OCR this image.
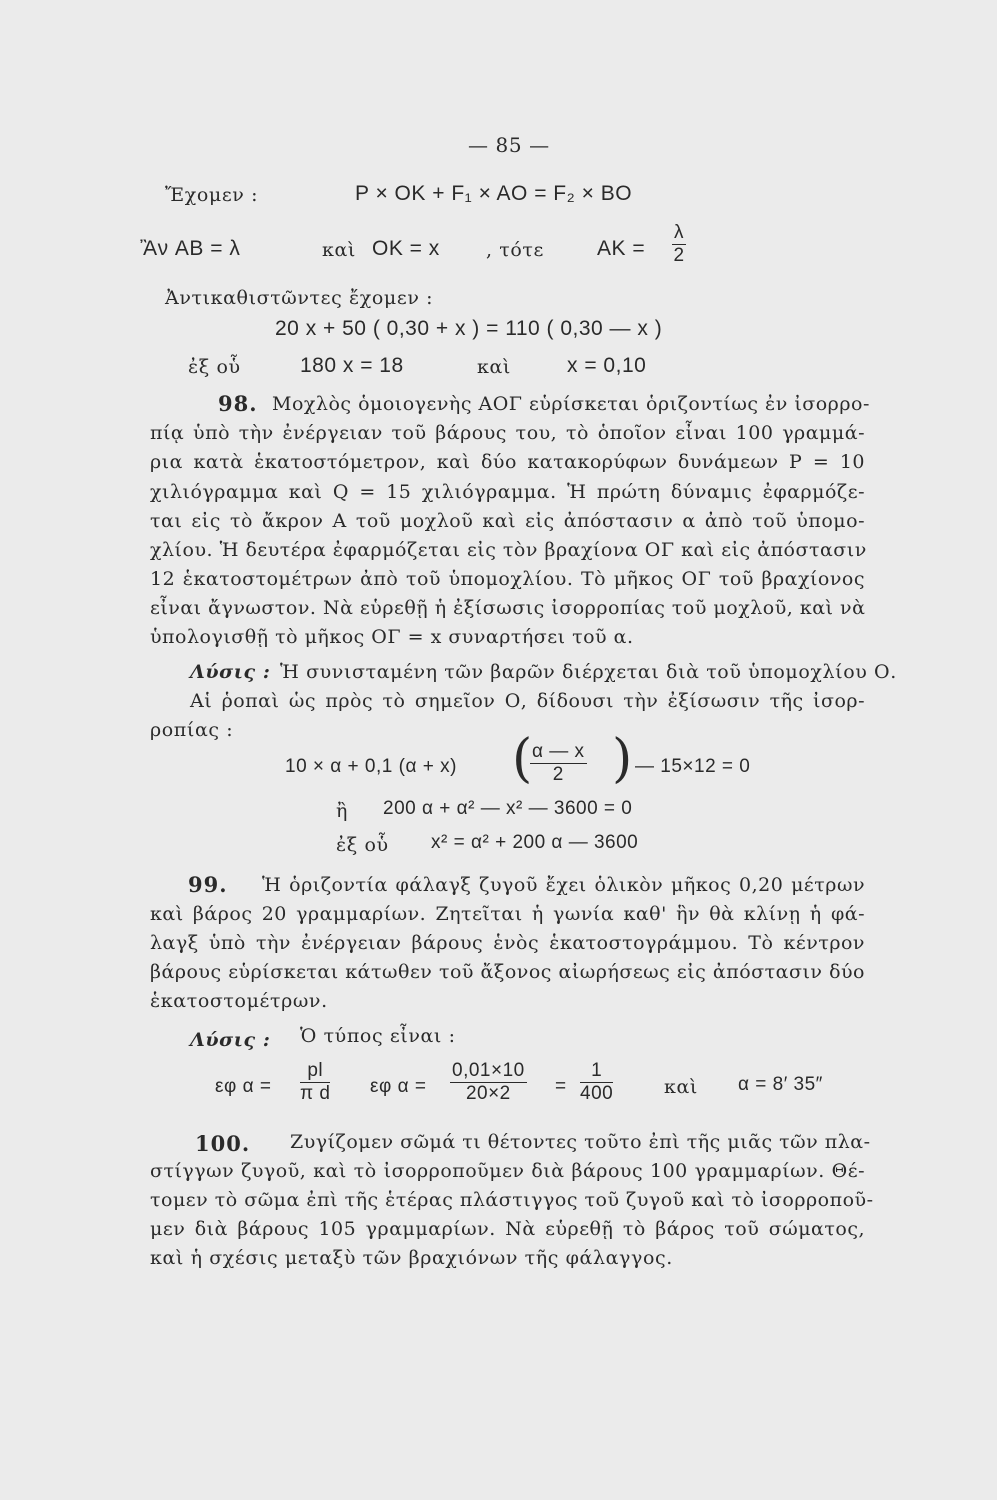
— 85 —
Ἔχομεν :	P × OK + F₁ × AO = F₂ × BO
Ἂν AB = λ	καὶ OK = x , τότε	AK = $\frac{\lambda}{2}$
Ἀντικαθιστῶντες ἔχομεν :
20 x + 50 ( 0,30 + x ) = 110 ( 0,30 — x )
ἐξ οὗ	180 x = 18	καὶ	x = 0,10
98. Μοχλὸς ὁμοιογενὴς ΑΟΓ εὑρίσκεται ὁριζοντίως ἐν ἰσορρο-
πίᾳ ὑπὸ τὴν ἐνέργειαν τοῦ βάρους του, τὸ ὁποῖον εἶναι 100 γραμμά-
ρια κατὰ ἑκατοστόμετρον, καὶ δύο κατακορύφων δυνάμεων P = 10
χιλιόγραμμα καὶ Q = 15 χιλιόγραμμα. Ἡ πρώτη δύναμις ἐφαρμόζε-
ται εἰς τὸ ἄκρον Α τοῦ μοχλοῦ καὶ εἰς ἀπόστασιν α ἀπὸ τοῦ ὑπομο-
χλίου. Ἡ δευτέρα ἐφαρμόζεται εἰς τὸν βραχίονα ΟΓ καὶ εἰς ἀπόστασιν
12 ἑκατοστομέτρων ἀπὸ τοῦ ὑπομοχλίου. Τὸ μῆκος ΟΓ τοῦ βραχίονος
εἶναι ἄγνωστον. Νὰ εὑρεθῇ ἡ ἐξίσωσις ἰσορροπίας τοῦ μοχλοῦ, καὶ νὰ
ὑπολογισθῇ τὸ μῆκος ΟΓ = x συναρτήσει τοῦ α.
Λύσις : Ἡ συνισταμένη τῶν βαρῶν διέρχεται διὰ τοῦ ὑπομοχλίου Ο.
Αἱ ῥοπαὶ ὡς πρὸς τὸ σημεῖον Ο, δίδουσι τὴν ἐξίσωσιν τῆς ἰσορ-
ροπίας :
10 × α + 0,1 (α + x) (
$\frac{\alpha — x}{2}$ ) — 15×12 = 0
ἢ 200 α + α² — x² — 3600 = 0
ἐξ οὗ x² = α² + 200 α — 3600
99. Ἡ ὁριζοντία φάλαγξ ζυγοῦ ἔχει ὁλικὸν μῆκος 0,20 μέτρων
καὶ βάρος 20 γραμμαρίων. Ζητεῖται ἡ γωνία καθ' ἣν θὰ κλίνῃ ἡ φά-
λαγξ ὑπὸ τὴν ἐνέργειαν βάρους ἑνὸς ἑκατοστογράμμου. Τὸ κέντρον
βάρους εὑρίσκεται κάτωθεν τοῦ ἄξονος αἰωρήσεως εἰς ἀπόστασιν δύο
ἑκατοστομέτρων.
Λύσις : Ὁ τύπος εἶναι :
εφ $\alpha = \frac{pl}{\text{π d}}$ εφ $\alpha = \frac{0,01\times 10}{20\times 2} = \frac{1}{400}$	καὶ α = 8′ 35″
100. Ζυγίζομεν σῶμά τι θέτοντες τοῦτο ἐπὶ τῆς μιᾶς τῶν πλα-
στίγγων ζυγοῦ, καὶ τὸ ἰσορροποῦμεν διὰ βάρους 100 γραμμαρίων. Θέ-
τομεν τὸ σῶμα ἐπὶ τῆς ἑτέρας πλάστιγγος τοῦ ζυγοῦ καὶ τὸ ἰσορροποῦ-
μεν διὰ βάρους 105 γραμμαρίων. Νὰ εὑρεθῇ τὸ βάρος τοῦ σώματος,
καὶ ἡ σχέσις μεταξὺ τῶν βραχιόνων τῆς φάλαγγος.
